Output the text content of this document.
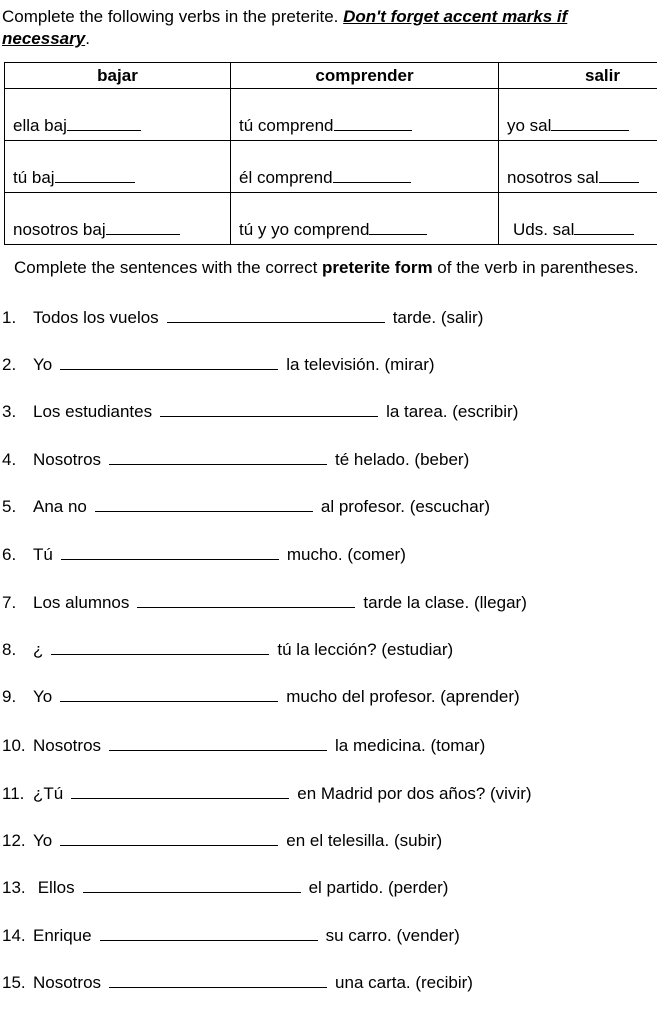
Complete the following verbs in the preterite. Don't forget accent marks if
necessary.
bajar	comprender	salir
ella baj	tú comprend	yo sal
tú baj	él comprend	nosotros sal
nosotros baj	tú y yo comprend	Uds. sal
Complete the sentences with the correct preterite form of the verb in parentheses.
1. Todos los vuelos	tarde. (salir)
2. Yo	la televisión. (mirar)
3. Los estudiantes	la tarea. (escribir)
4. Nosotros	té helado. (beber)
5. Ana no	al profesor. (escuchar)
6. Tú	mucho. (comer)
7. Los alumnos	tarde la clase. (llegar)
8. ¿	tú la lección? (estudiar)
9. Yo	mucho del profesor. (aprender)
10. Nosotros	la medicina. (tomar)
11. ¿Tú	en Madrid por dos años? (vivir)
12. Yo	en el telesilla. (subir)
13. Ellos	el partido. (perder)
14. Enrique	su carro. (vender)
15. Nosotros	una carta. (recibir)
